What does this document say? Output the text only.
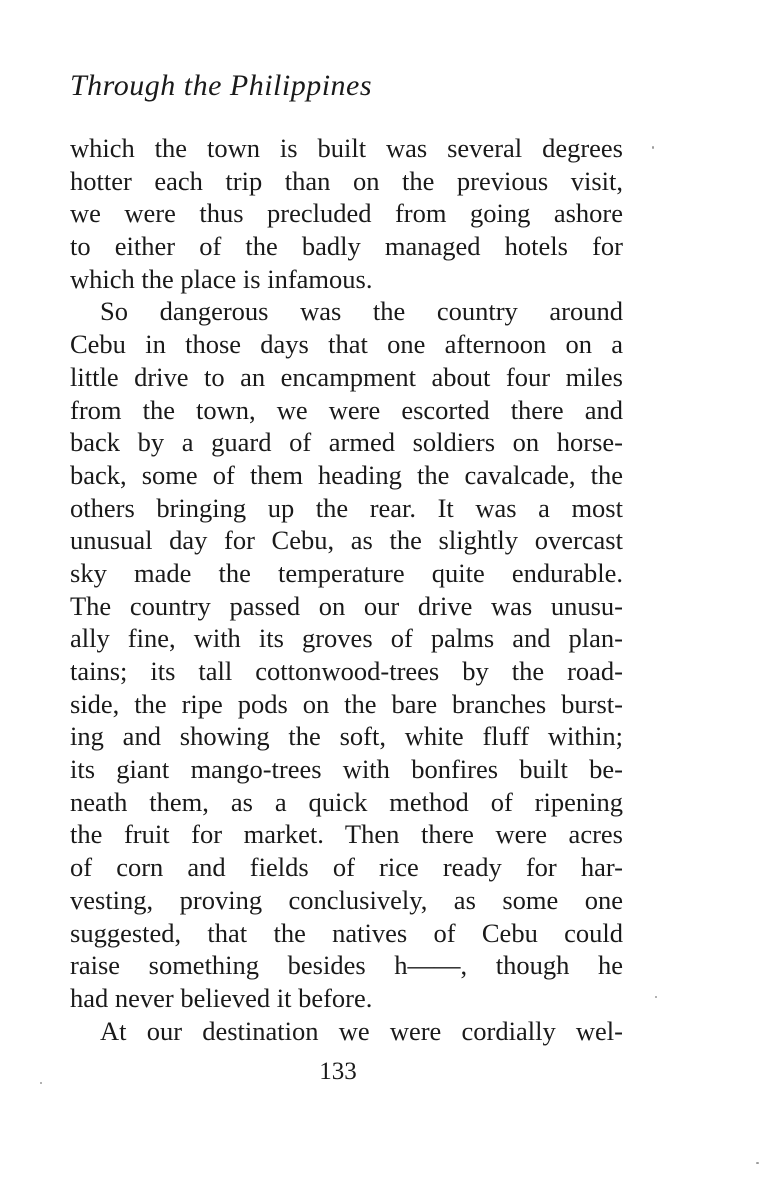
Through the Philippines
which the town is built was several degrees
hotter each trip than on the previous visit,
we were thus precluded from going ashore
to either of the badly managed hotels for
which the place is infamous.
So dangerous was the country around
Cebu in those days that one afternoon on a
little drive to an encampment about four miles
from the town, we were escorted there and
back by a guard of armed soldiers on horse-
back, some of them heading the cavalcade, the
others bringing up the rear. It was a most
unusual day for Cebu, as the slightly overcast
sky made the temperature quite endurable.
The country passed on our drive was unusu-
ally fine, with its groves of palms and plan-
tains; its tall cottonwood-trees by the road-
side, the ripe pods on the bare branches burst-
ing and showing the soft, white fluff within;
its giant mango-trees with bonfires built be-
neath them, as a quick method of ripening
the fruit for market. Then there were acres
of corn and fields of rice ready for har-
vesting, proving conclusively, as some one
suggested, that the natives of Cebu could
raise something besides h——, though he
had never believed it before.
At our destination we were cordially wel-
133
